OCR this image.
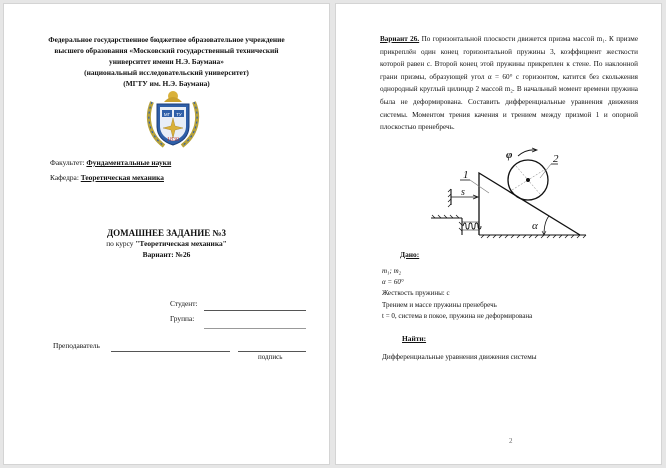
Федеральное государственное бюджетное образовательное учреждение
высшего образования «Московский государственный технический
университет имени Н.Э. Баумана»
(национальный исследовательский университет)
(МГТУ им. Н.Э. Баумана)
МГ ТУ
1830
Факультет: Фундаментальные науки
Кафедра: Теоретическая механика
ДОМАШНЕЕ ЗАДАНИЕ №3
по курсу "Теоретическая механика"
Вариант: №26
Студент:
Группа:
Преподаватель
подпись

Вариант 26. По горизонтальной плоскости движется призма массой m₁. К призме прикреплён один конец горизонтальной пружины 3, коэффициент жесткости которой равен с. Второй конец этой пружины прикреплен к стене. По наклонной грани призмы, образующей угол α = 60° с горизонтом, катится без скольжения однородный круглый цилиндр 2 массой m₂. В начальный момент времени пружина была не деформирована. Составить дифференциальные уравнения движения системы. Моментом трения качения и трением между призмой 1 и опорной плоскостью пренебречь.

1
2
s
φ
α
Дано:
m₁; m₂
α = 60°
Жесткость пружины: с
Трением и массе пружины пренебречь
t = 0, система в покое, пружина не деформирована
Найти:
Дифференциальные уравнения движения системы
2
